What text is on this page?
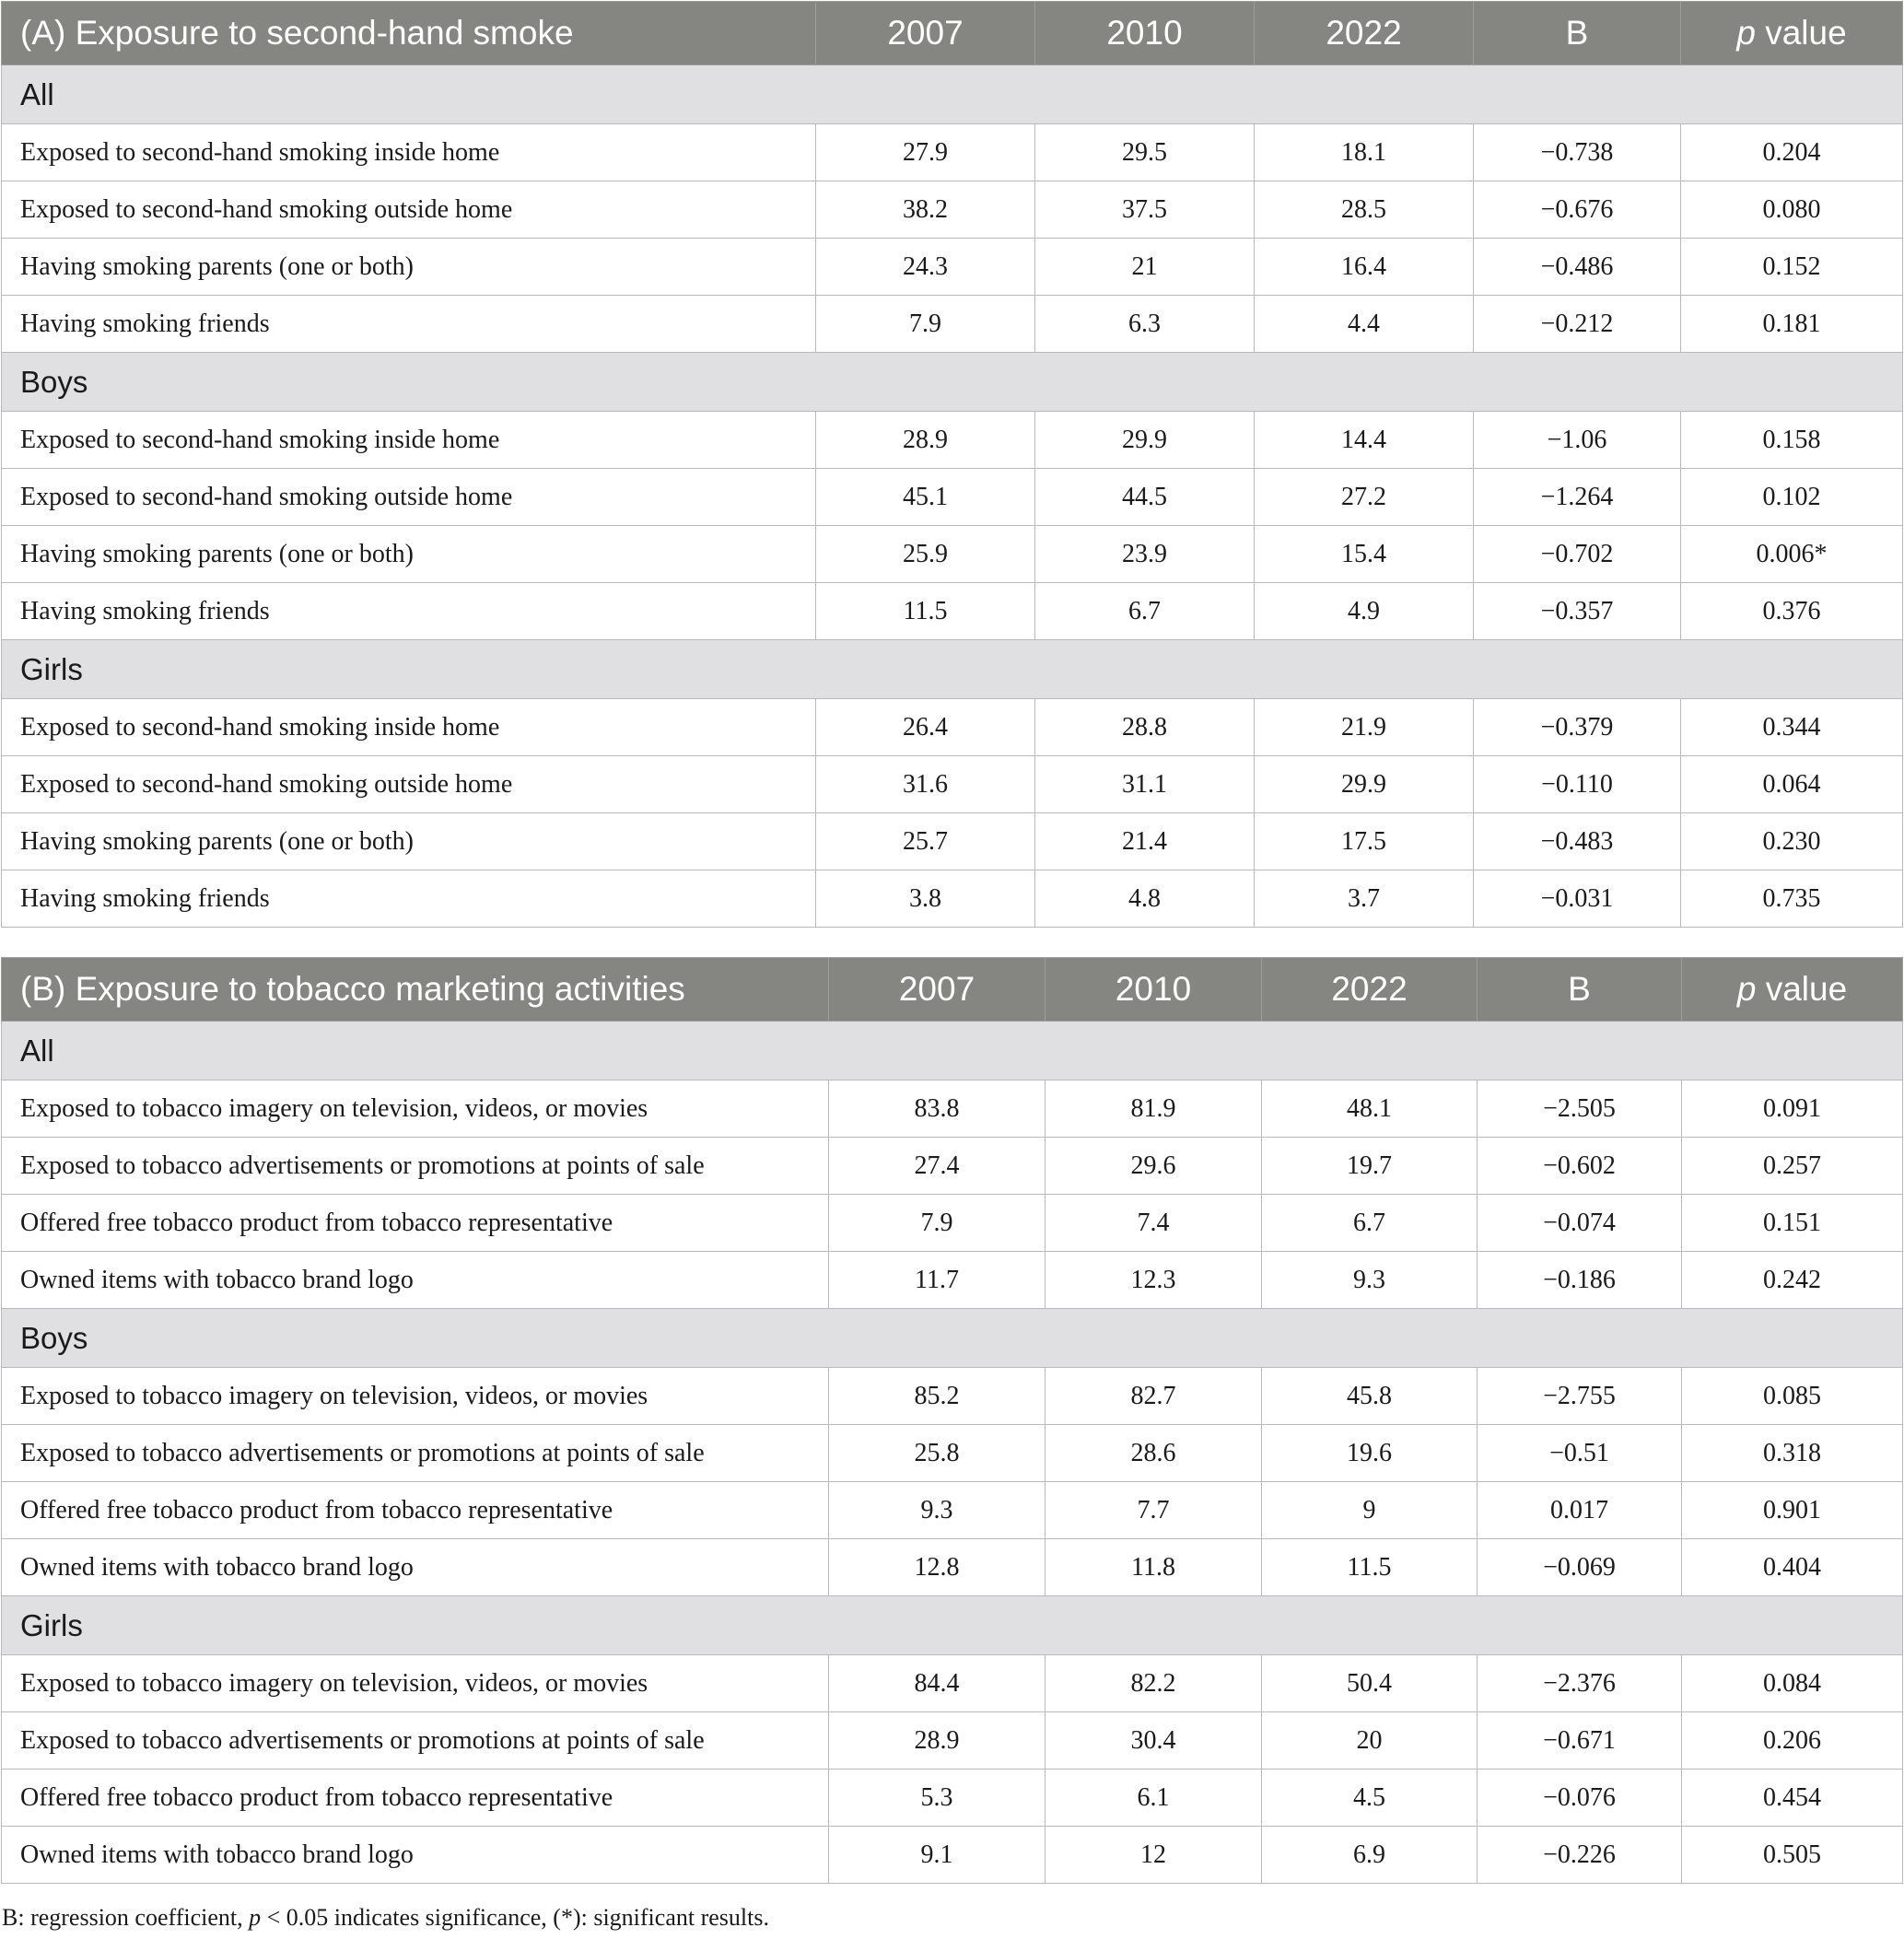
(A) Exposure to second-hand smoke	2007	2010	2022	B	p value
All					
Exposed to second-hand smoking inside home	27.9	29.5	18.1	−0.738	0.204
Exposed to second-hand smoking outside home	38.2	37.5	28.5	−0.676	0.080
Having smoking parents (one or both)	24.3	21	16.4	−0.486	0.152
Having smoking friends	7.9	6.3	4.4	−0.212	0.181
Boys					
Exposed to second-hand smoking inside home	28.9	29.9	14.4	−1.06	0.158
Exposed to second-hand smoking outside home	45.1	44.5	27.2	−1.264	0.102
Having smoking parents (one or both)	25.9	23.9	15.4	−0.702	0.006*
Having smoking friends	11.5	6.7	4.9	−0.357	0.376
Girls					
Exposed to second-hand smoking inside home	26.4	28.8	21.9	−0.379	0.344
Exposed to second-hand smoking outside home	31.6	31.1	29.9	−0.110	0.064
Having smoking parents (one or both)	25.7	21.4	17.5	−0.483	0.230
Having smoking friends	3.8	4.8	3.7	−0.031	0.735
(B) Exposure to tobacco marketing activities	2007	2010	2022	B	p value
All					
Exposed to tobacco imagery on television, videos, or movies	83.8	81.9	48.1	−2.505	0.091
Exposed to tobacco advertisements or promotions at points of sale	27.4	29.6	19.7	−0.602	0.257
Offered free tobacco product from tobacco representative	7.9	7.4	6.7	−0.074	0.151
Owned items with tobacco brand logo	11.7	12.3	9.3	−0.186	0.242
Boys					
Exposed to tobacco imagery on television, videos, or movies	85.2	82.7	45.8	−2.755	0.085
Exposed to tobacco advertisements or promotions at points of sale	25.8	28.6	19.6	−0.51	0.318
Offered free tobacco product from tobacco representative	9.3	7.7	9	0.017	0.901
Owned items with tobacco brand logo	12.8	11.8	11.5	−0.069	0.404
Girls					
Exposed to tobacco imagery on television, videos, or movies	84.4	82.2	50.4	−2.376	0.084
Exposed to tobacco advertisements or promotions at points of sale	28.9	30.4	20	−0.671	0.206
Offered free tobacco product from tobacco representative	5.3	6.1	4.5	−0.076	0.454
Owned items with tobacco brand logo	9.1	12	6.9	−0.226	0.505

B: regression coefficient, p < 0.05 indicates significance, (*): significant results.
